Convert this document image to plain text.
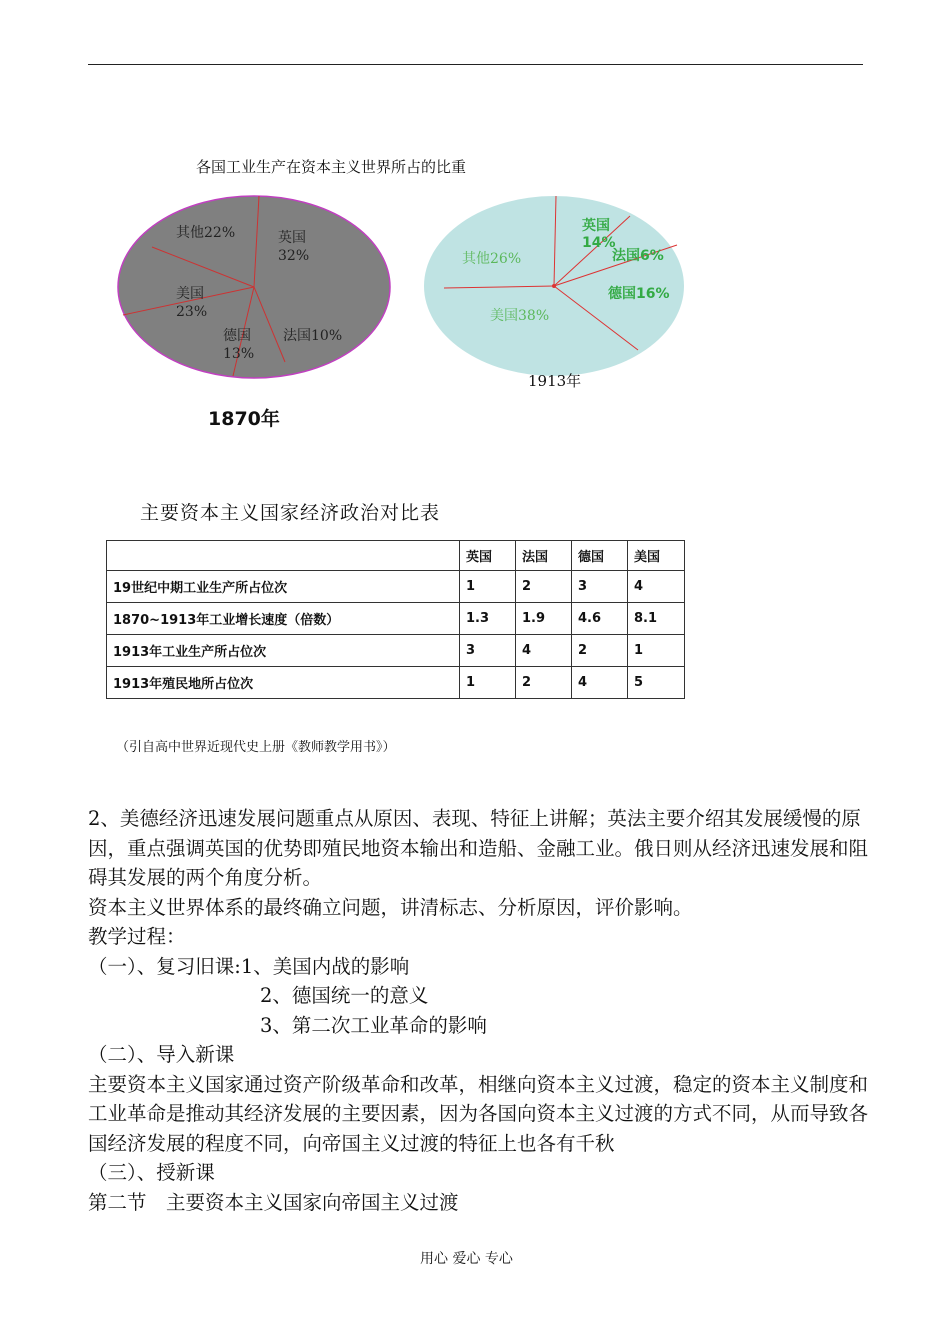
各国工业生产在资本主义世界所占的比重
其他22%	英国
32%
美国
23%
德国
13%
法国10%
其他26%
英国
14%
法国6%
德国16%
美国38%
1870年
1913年
主要资本主义国家经济政治对比表
	英国	法国	德国	美国
19世纪中期工业生产所占位次	1	2	3	4
1870~1913年工业增长速度（倍数）	1.3	1.9	4.6	8.1
1913年工业生产所占位次	3	4	2	1
1913年殖民地所占位次	1	2	4	5
（引自高中世界近现代史上册《教师教学用书》）

2、美德经济迅速发展问题重点从原因、表现、特征上讲解；英法主要介绍其发展缓慢的原因，重点强调英国的优势即殖民地资本输出和造船、金融工业。俄日则从经济迅速发展和阻碍其发展的两个角度分析。

资本主义世界体系的最终确立问题，讲清标志、分析原因，评价影响。

教学过程：

（一）、复习旧课:1、美国内战的影响

2、德国统一的意义

3、第二次工业革命的影响

（二）、导入新课

主要资本主义国家通过资产阶级革命和改革，相继向资本主义过渡，稳定的资本主义制度和工业革命是推动其经济发展的主要因素，因为各国向资本主义过渡的方式不同，从而导致各国经济发展的程度不同，向帝国主义过渡的特征上也各有千秋

（三）、授新课

第二节　主要资本主义国家向帝国主义过渡

用心 爱心 专心
